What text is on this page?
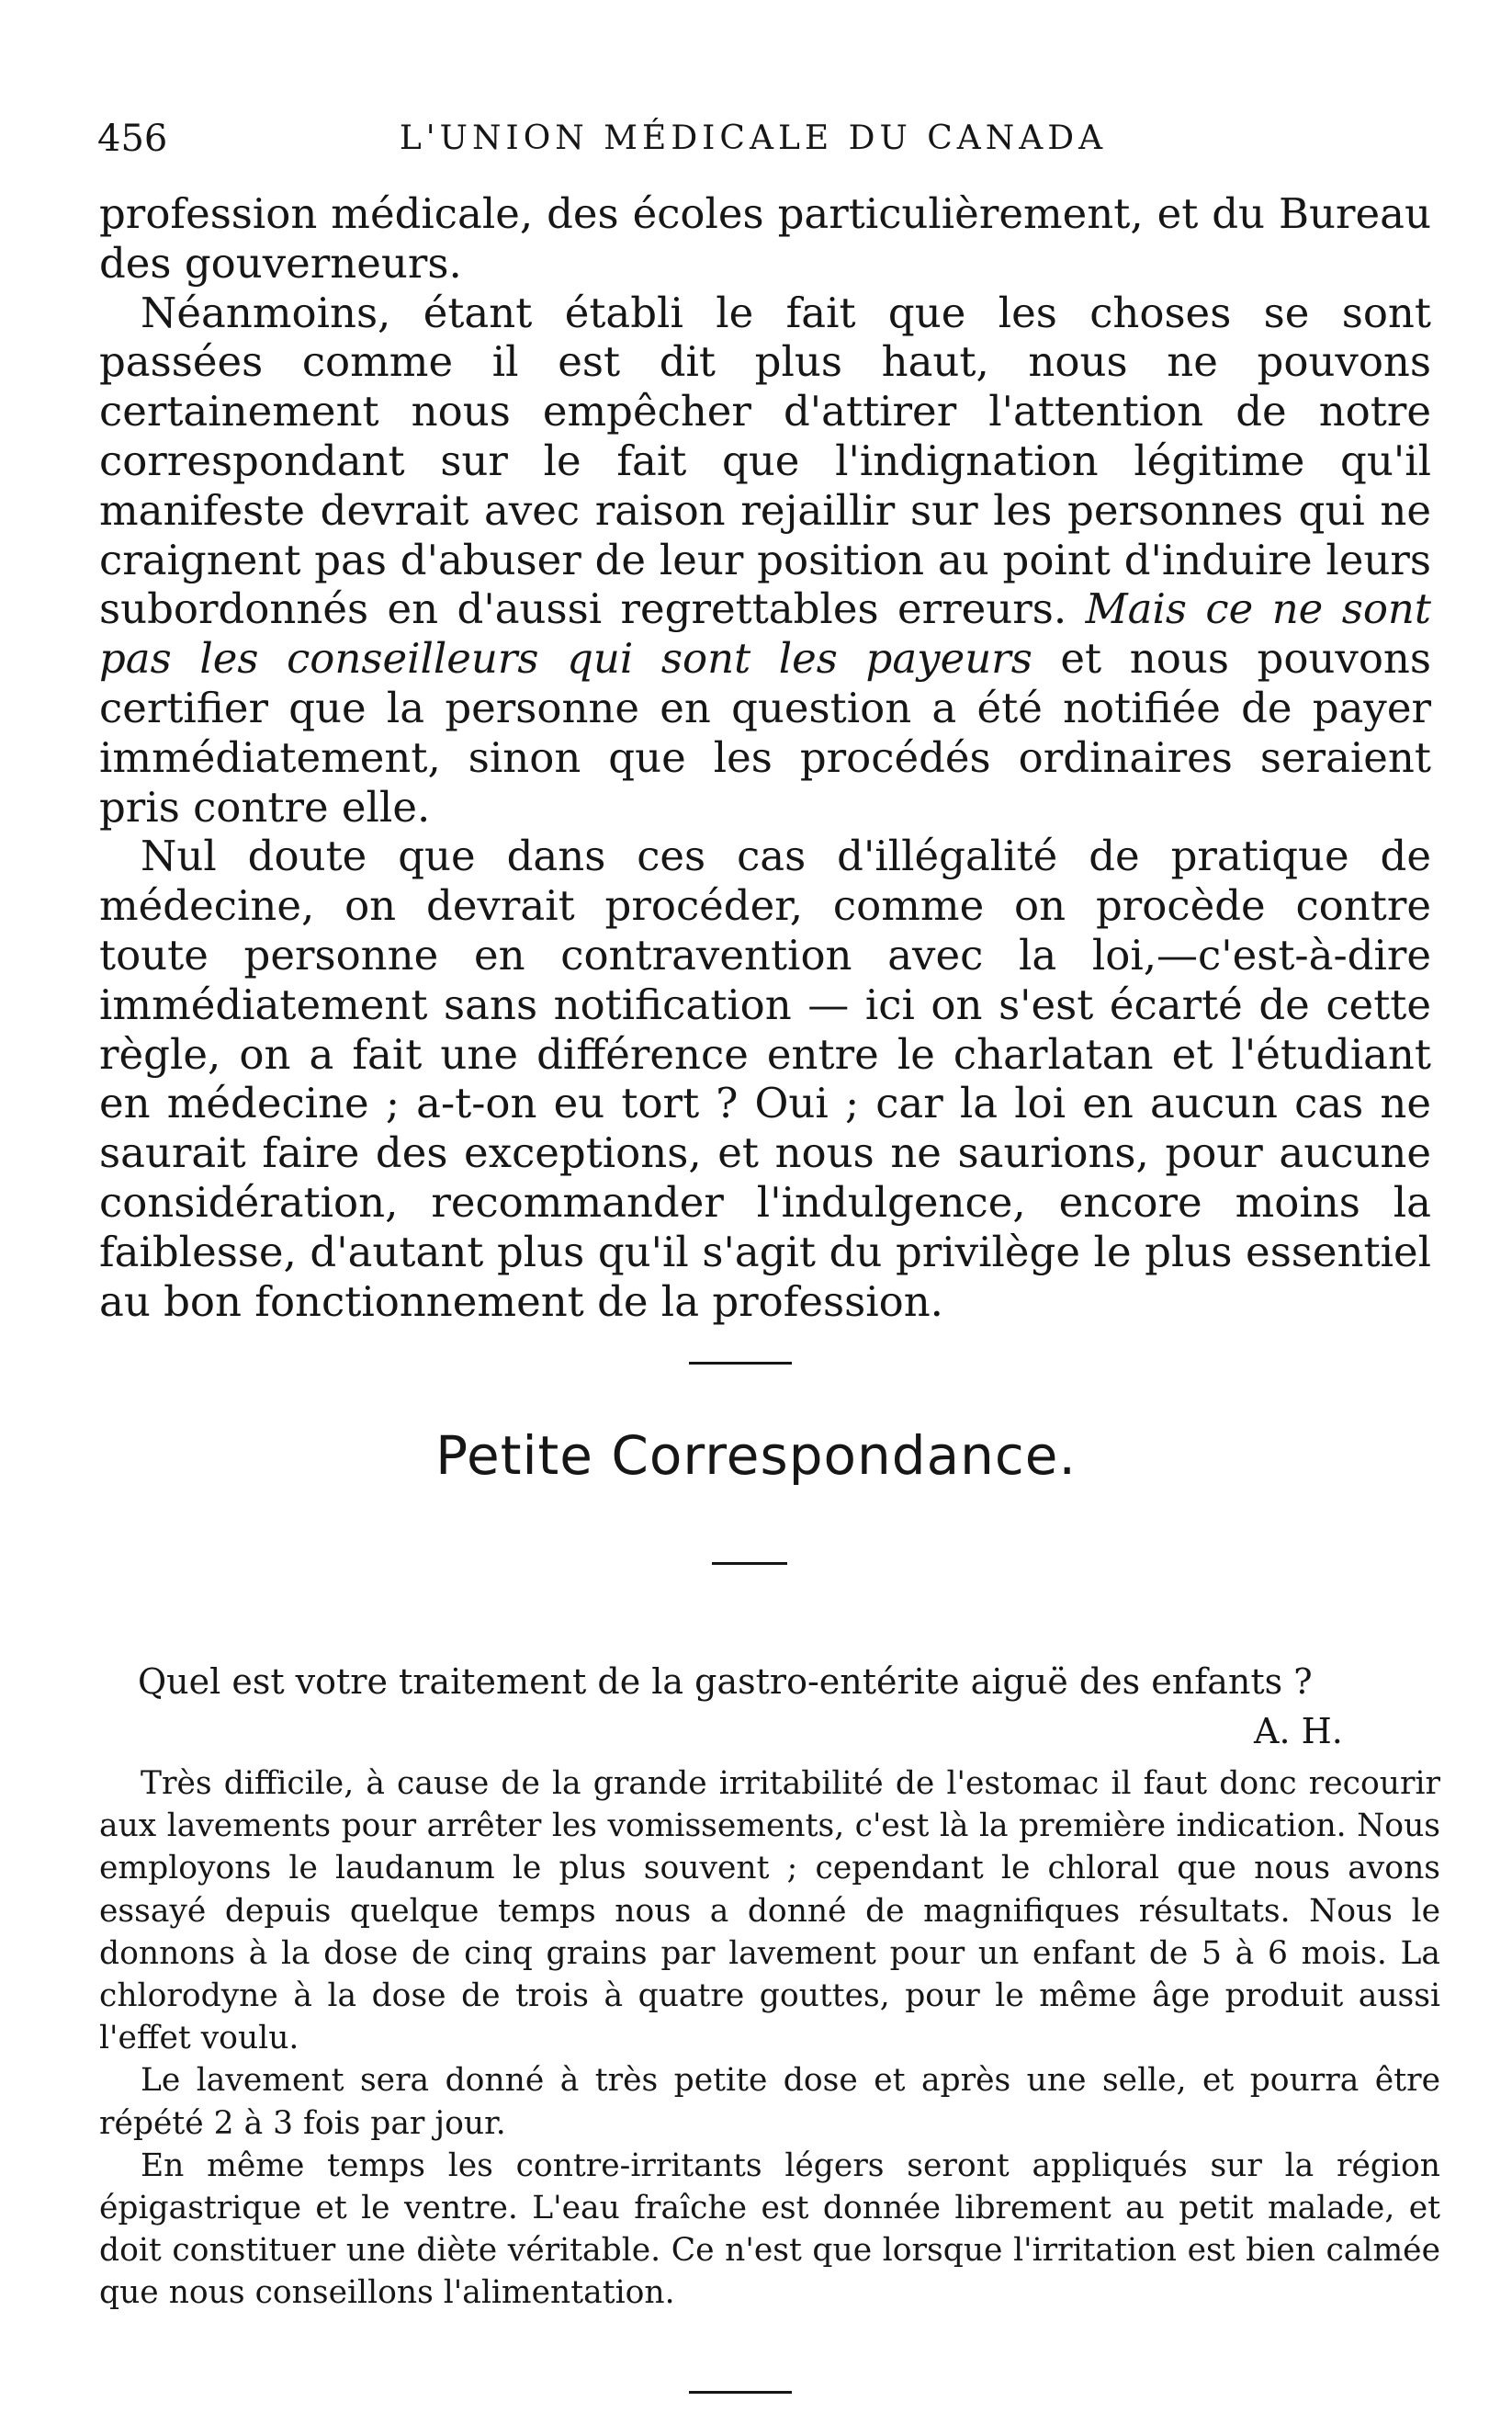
456	L'UNION MÉDICALE DU CANADA

profession médicale, des écoles particulièrement, et du Bureau des gouverneurs.

Néanmoins, étant établi le fait que les choses se sont passées comme il est dit plus haut, nous ne pouvons certainement nous empêcher d'attirer l'attention de notre correspondant sur le fait que l'indignation légitime qu'il manifeste devrait avec raison rejaillir sur les personnes qui ne craignent pas d'abuser de leur position au point d'induire leurs subordonnés en d'aussi regrettables erreurs. Mais ce ne sont pas les conseilleurs qui sont les payeurs et nous pouvons certifier que la personne en question a été notifiée de payer immédiatement, sinon que les procédés ordinaires seraient pris contre elle.

Nul doute que dans ces cas d'illégalité de pratique de médecine, on devrait procéder, comme on procède contre toute personne en contravention avec la loi,—c'est-à-dire immédiatement sans notification — ici on s'est écarté de cette règle, on a fait une différence entre le charlatan et l'étudiant en médecine ; a-t-on eu tort ? Oui ; car la loi en aucun cas ne saurait faire des exceptions, et nous ne saurions, pour aucune considération, recommander l'indulgence, encore moins la faiblesse, d'autant plus qu'il s'agit du privilège le plus essentiel au bon fonctionnement de la profession.

Petite Correspondance.

Quel est votre traitement de la gastro-entérite aiguë des enfants ?

A. H.

Très difficile, à cause de la grande irritabilité de l'estomac il faut donc recourir aux lavements pour arrêter les vomissements, c'est là la première indication. Nous employons le laudanum le plus souvent ; cependant le chloral que nous avons essayé depuis quelque temps nous a donné de magnifiques résultats. Nous le donnons à la dose de cinq grains par lavement pour un enfant de 5 à 6 mois. La chlorodyne à la dose de trois à quatre gouttes, pour le même âge produit aussi l'effet voulu.

Le lavement sera donné à très petite dose et après une selle, et pourra être répété 2 à 3 fois par jour.

En même temps les contre-irritants légers seront appliqués sur la région épigastrique et le ventre. L'eau fraîche est donnée librement au petit malade, et doit constituer une diète véritable. Ce n'est que lorsque l'irritation est bien calmée que nous conseillons l'alimentation.
